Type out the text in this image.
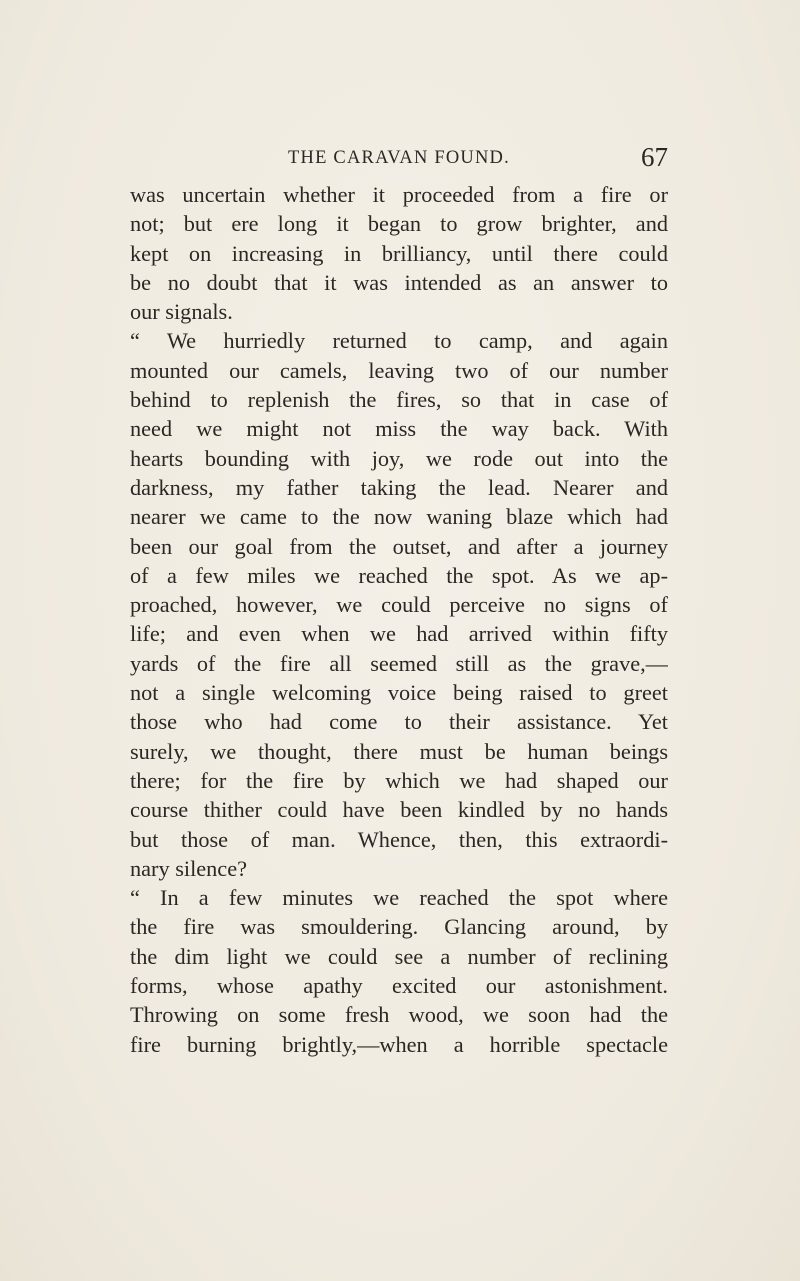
THE CARAVAN FOUND.	67
was uncertain whether it proceeded from a fire or
not; but ere long it began to grow brighter, and
kept on increasing in brilliancy, until there could
be no doubt that it was intended as an answer to
our signals.
“ We hurriedly returned to camp, and again
mounted our camels, leaving two of our number
behind to replenish the fires, so that in case of
need we might not miss the way back. With
hearts bounding with joy, we rode out into the
darkness, my father taking the lead. Nearer and
nearer we came to the now waning blaze which had
been our goal from the outset, and after a journey
of a few miles we reached the spot. As we ap-
proached, however, we could perceive no signs of
life; and even when we had arrived within fifty
yards of the fire all seemed still as the grave,—
not a single welcoming voice being raised to greet
those who had come to their assistance. Yet
surely, we thought, there must be human beings
there; for the fire by which we had shaped our
course thither could have been kindled by no hands
but those of man. Whence, then, this extraordi-
nary silence?
“ In a few minutes we reached the spot where
the fire was smouldering. Glancing around, by
the dim light we could see a number of reclining
forms, whose apathy excited our astonishment.
Throwing on some fresh wood, we soon had the
fire burning brightly,—when a horrible spectacle
